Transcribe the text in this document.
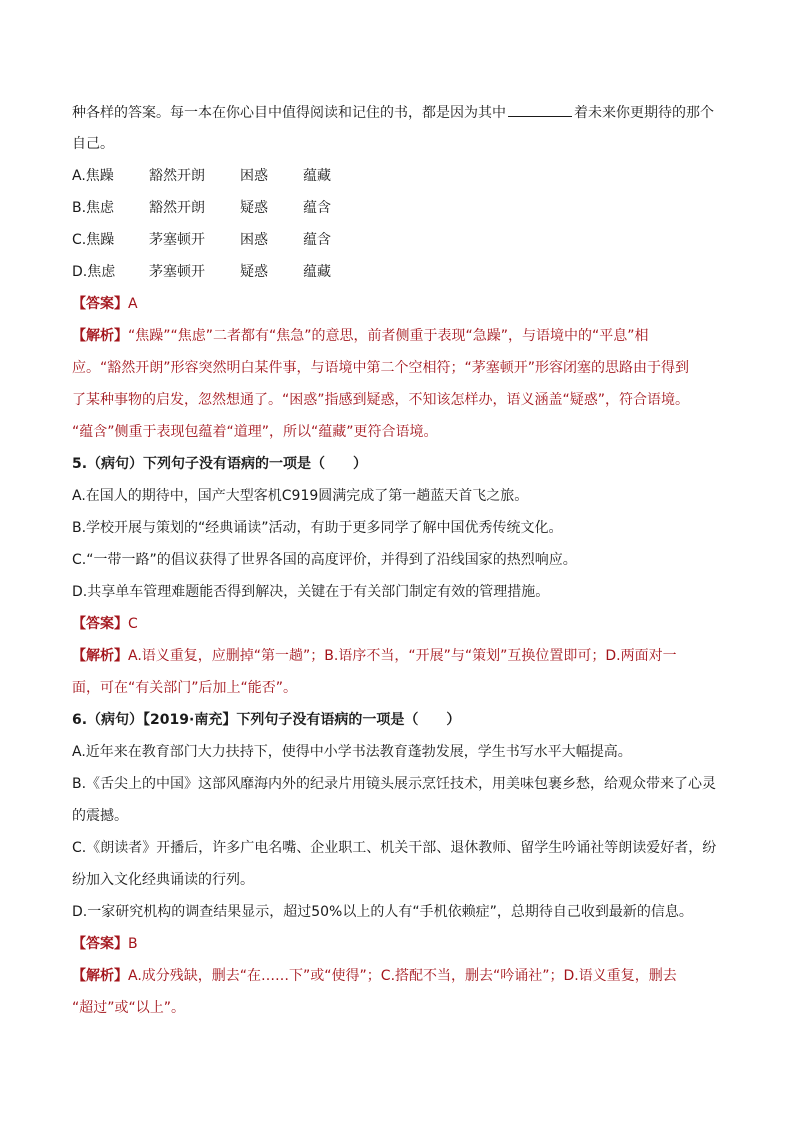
种各样的答案。每一本在你心目中值得阅读和记住的书，都是因为其中	着未来你更期待的那个
自己。
A.焦躁	豁然开朗	困惑	蕴藏
B.焦虑 豁然开朗	疑惑	蕴含
C.焦躁 茅塞顿开	困惑	蕴含
D.焦虑 茅塞顿开	疑惑	蕴藏
【答案】A
【解析】“焦躁”“焦虑”二者都有“焦急”的意思，前者侧重于表现“急躁”，与语境中的“平息”相
应。“豁然开朗”形容突然明白某件事，与语境中第二个空相符；“茅塞顿开”形容闭塞的思路由于得到
了某种事物的启发，忽然想通了。“困惑”指感到疑惑，不知该怎样办，语义涵盖“疑惑”，符合语境。
“蕴含”侧重于表现包蕴着“道理”，所以“蕴藏”更符合语境。
5.（病句）下列句子没有语病的一项是（　　）
A.在国人的期待中，国产大型客机C919圆满完成了第一趟蓝天首飞之旅。
B.学校开展与策划的“经典诵读”活动，有助于更多同学了解中国优秀传统文化。
C.“一带一路”的倡议获得了世界各国的高度评价，并得到了沿线国家的热烈响应。
D.共享单车管理难题能否得到解决，关键在于有关部门制定有效的管理措施。
【答案】C
【解析】A.语义重复，应删掉“第一趟”；B.语序不当，“开展”与“策划”互换位置即可；D.两面对一
面，可在“有关部门”后加上“能否”。
6.（病句）【2019·南充】下列句子没有语病的一项是（　　）
A.近年来在教育部门大力扶持下，使得中小学书法教育蓬勃发展，学生书写水平大幅提高。
B.《舌尖上的中国》这部风靡海内外的纪录片用镜头展示烹饪技术，用美味包裹乡愁，给观众带来了心灵
的震撼。
C.《朗读者》开播后，许多广电名嘴、企业职工、机关干部、退休教师、留学生吟诵社等朗读爱好者，纷
纷加入文化经典诵读的行列。
D.一家研究机构的调查结果显示，超过50%以上的人有“手机依赖症”，总期待自己收到最新的信息。
【答案】B
【解析】A.成分残缺，删去“在……下”或“使得”；C.搭配不当，删去“吟诵社”；D.语义重复，删去
“超过”或“以上”。
